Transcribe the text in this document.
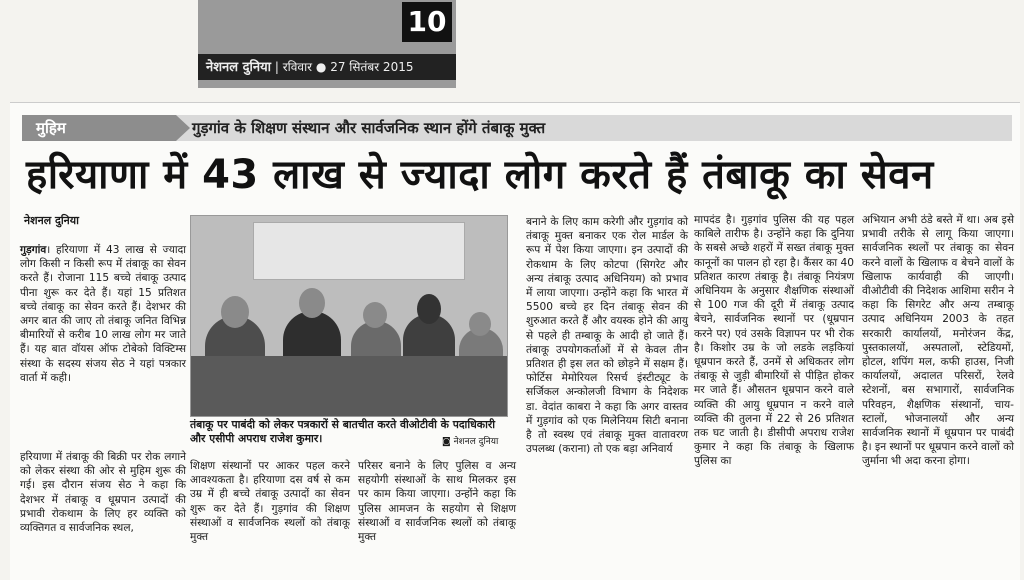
10
नेशनल दुनिया | रविवार ● 27 सितंबर 2015
मुहिम	गुड़गांव के शिक्षण संस्थान और सार्वजनिक स्थान होंगे तंबाकू मुक्त
हरियाणा में 43 लाख से ज्यादा लोग करते हैं तंबाकू का सेवन
नेशनल दुनिया

गुड़गांव। हरियाणा में 43 लाख से ज्यादा लोग किसी न किसी रूप में तंबाकू का सेवन करते हैं। रोजाना 115 बच्चे तंबाकू उत्पाद पीना शुरू कर देते हैं। यहां 15 प्रतिशत बच्चे तंबाकू का सेवन करते हैं। देशभर की अगर बात की जाए तो तंबाकू जनित विभिन्न बीमारियों से करीब 10 लाख लोग मर जाते हैं। यह बात वॉयस ऑफ टोबेको विक्टिम्स संस्था के सदस्य संजय सेठ ने यहां पत्रकार वार्ता में कही।

हरियाणा में तंबाकू की बिक्री पर रोक लगाने को लेकर संस्था की ओर से मुहिम शुरू की गई। इस दौरान संजय सेठ ने कहा कि देशभर में तंबाकू व धूम्रपान उत्पादों की प्रभावी रोकथाम के लिए हर व्यक्ति को व्यक्तिगत व सार्वजनिक स्थल,

तंबाकू पर पाबंदी को लेकर पत्रकारों से बातचीत करते वीओटीवी के पदाधिकारी और एसीपी अपराध राजेश कुमार।	◙ नेशनल दुनिया

शिक्षण संस्थानों पर आकर पहल करने आवश्यकता है। हरियाणा दस वर्ष से कम उम्र में ही बच्चे तंबाकू उत्पादों का सेवन शुरू कर देते हैं। गुड़गांव की शिक्षण संस्थाओं व सार्वजनिक स्थलों को तंबाकू मुक्त

परिसर बनाने के लिए पुलिस व अन्य सहयोगी संस्थाओं के साथ मिलकर इस पर काम किया जाएगा। उन्होंने कहा कि पुलिस आमजन के सहयोग से शिक्षण संस्थाओं व सार्वजनिक स्थलों को तंबाकू मुक्त

बनाने के लिए काम करेगी और गुड़गांव को तंबाकू मुक्त बनाकर एक रोल मार्डल के रूप में पेश किया जाएगा। इन उत्पादों की रोकथाम के लिए कोटपा (सिगरेट और अन्य तंबाकू उत्पाद अधिनियम) को प्रभाव में लाया जाएगा। उन्होंने कहा कि भारत में 5500 बच्चे हर दिन तंबाकू सेवन की शुरुआत करते हैं और वयस्क होने की आयु से पहले ही तम्बाकू के आदी हो जाते हैं। तंबाकू उपयोगकर्ताओं में से केवल तीन प्रतिशत ही इस लत को छोड़ने में सक्षम हैं। फोर्टिस मेमोरियल रिसर्च इंस्टीट्यूट के सर्जिकल अन्कोलजी विभाग के निदेशक डा. वेदांत काबरा ने कहा कि अगर वास्तव में गुड़गांव को एक मिलेनियम सिटी बनाना है तो स्वस्थ एवं तंबाकू मुक्त वातावरण उपलब्ध (कराना) तो एक बड़ा अनिवार्य

मापदंड है। गुड़गांव पुलिस की यह पहल काबिले तारीफ है। उन्होंने कहा कि दुनिया के सबसे अच्छे शहरों में सख्त तंबाकू मुक्त कानूनों का पालन हो रहा है। कैंसर का 40 प्रतिशत कारण तंबाकू है। तंबाकू नियंत्रण अधिनियम के अनुसार शैक्षणिक संस्थाओं से 100 गज की दूरी में तंबाकू उत्पाद बेचने, सार्वजनिक स्थानों पर (धूम्रपान करने पर) एवं उसके विज्ञापन पर भी रोक है। किशोर उम्र के जो लडके लड़कियां धूम्रपान करते हैं, उनमें से अधिकतर लोग तंबाकू से जुड़ी बीमारियों से पीड़ित होकर मर जाते हैं। औसतन धूम्रपान करने वाले व्यक्ति की आयु धूम्रपान न करने वाले व्यक्ति की तुलना में 22 से 26 प्रतिशत तक घट जाती है। डीसीपी अपराध राजेश कुमार ने कहा कि तंबाकू के खिलाफ पुलिस का

अभियान अभी ठंडे बस्ते में था। अब इसे प्रभावी तरीके से लागू किया जाएगा। सार्वजनिक स्थलों पर तंबाकू का सेवन करने वालों के खिलाफ व बेचने वालों के खिलाफ कार्यवाही की जाएगी। वीओटीवी की निदेशक आशिमा सरीन ने कहा कि सिगरेट और अन्य तम्बाकू उत्पाद अधिनियम 2003 के तहत सरकारी कार्यालयों, मनोरंजन केंद्र, पुस्तकालयों, अस्पतालों, स्टेडियमों, होटल, शपिंग मल, कफी हाउस, निजी कार्यालयों, अदालत परिसरों, रेलवे स्टेशनों, बस सभागारों, सार्वजनिक परिवहन, शैक्षणिक संस्थानों, चाय-स्टालों, भोजनालयों और अन्य सार्वजनिक स्थानों में धूम्रपान पर पाबंदी है। इन स्थानों पर धूम्रपान करने वालों को जुर्माना भी अदा करना होगा।
